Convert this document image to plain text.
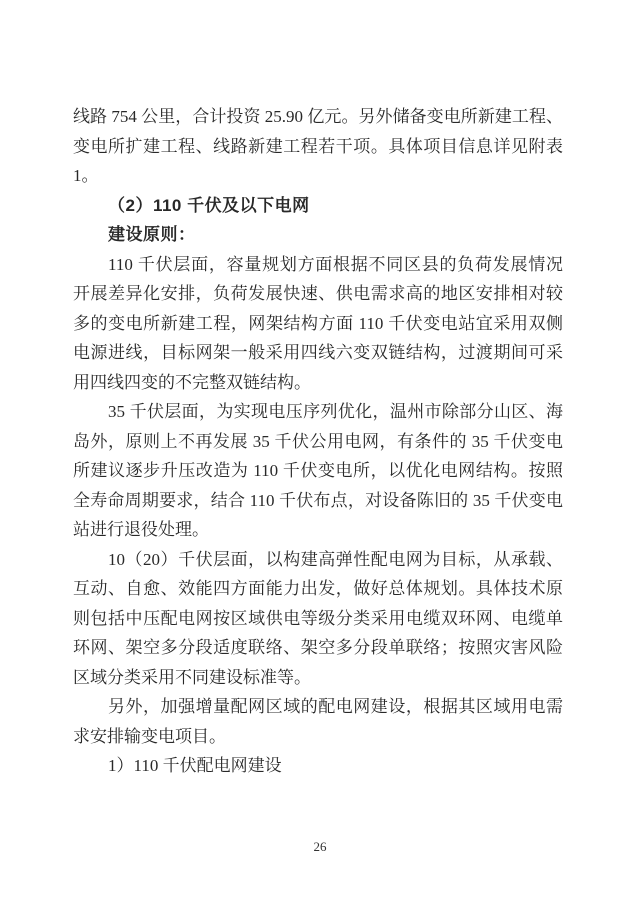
线路 754 公里，合计投资 25.90 亿元。另外储备变电所新建工程、
变电所扩建工程、线路新建工程若干项。具体项目信息详见附表
1。
（2）110 千伏及以下电网
建设原则：
110 千伏层面，容量规划方面根据不同区县的负荷发展情况
开展差异化安排，负荷发展快速、供电需求高的地区安排相对较
多的变电所新建工程，网架结构方面 110 千伏变电站宜采用双侧
电源进线，目标网架一般采用四线六变双链结构，过渡期间可采
用四线四变的不完整双链结构。
35 千伏层面，为实现电压序列优化，温州市除部分山区、海
岛外，原则上不再发展 35 千伏公用电网，有条件的 35 千伏变电
所建议逐步升压改造为 110 千伏变电所，以优化电网结构。按照
全寿命周期要求，结合 110 千伏布点，对设备陈旧的 35 千伏变电
站进行退役处理。
10（20）千伏层面，以构建高弹性配电网为目标，从承载、
互动、自愈、效能四方面能力出发，做好总体规划。具体技术原
则包括中压配电网按区域供电等级分类采用电缆双环网、电缆单
环网、架空多分段适度联络、架空多分段单联络；按照灾害风险
区域分类采用不同建设标准等。
另外，加强增量配网区域的配电网建设，根据其区域用电需
求安排输变电项目。
1）110 千伏配电网建设
26
